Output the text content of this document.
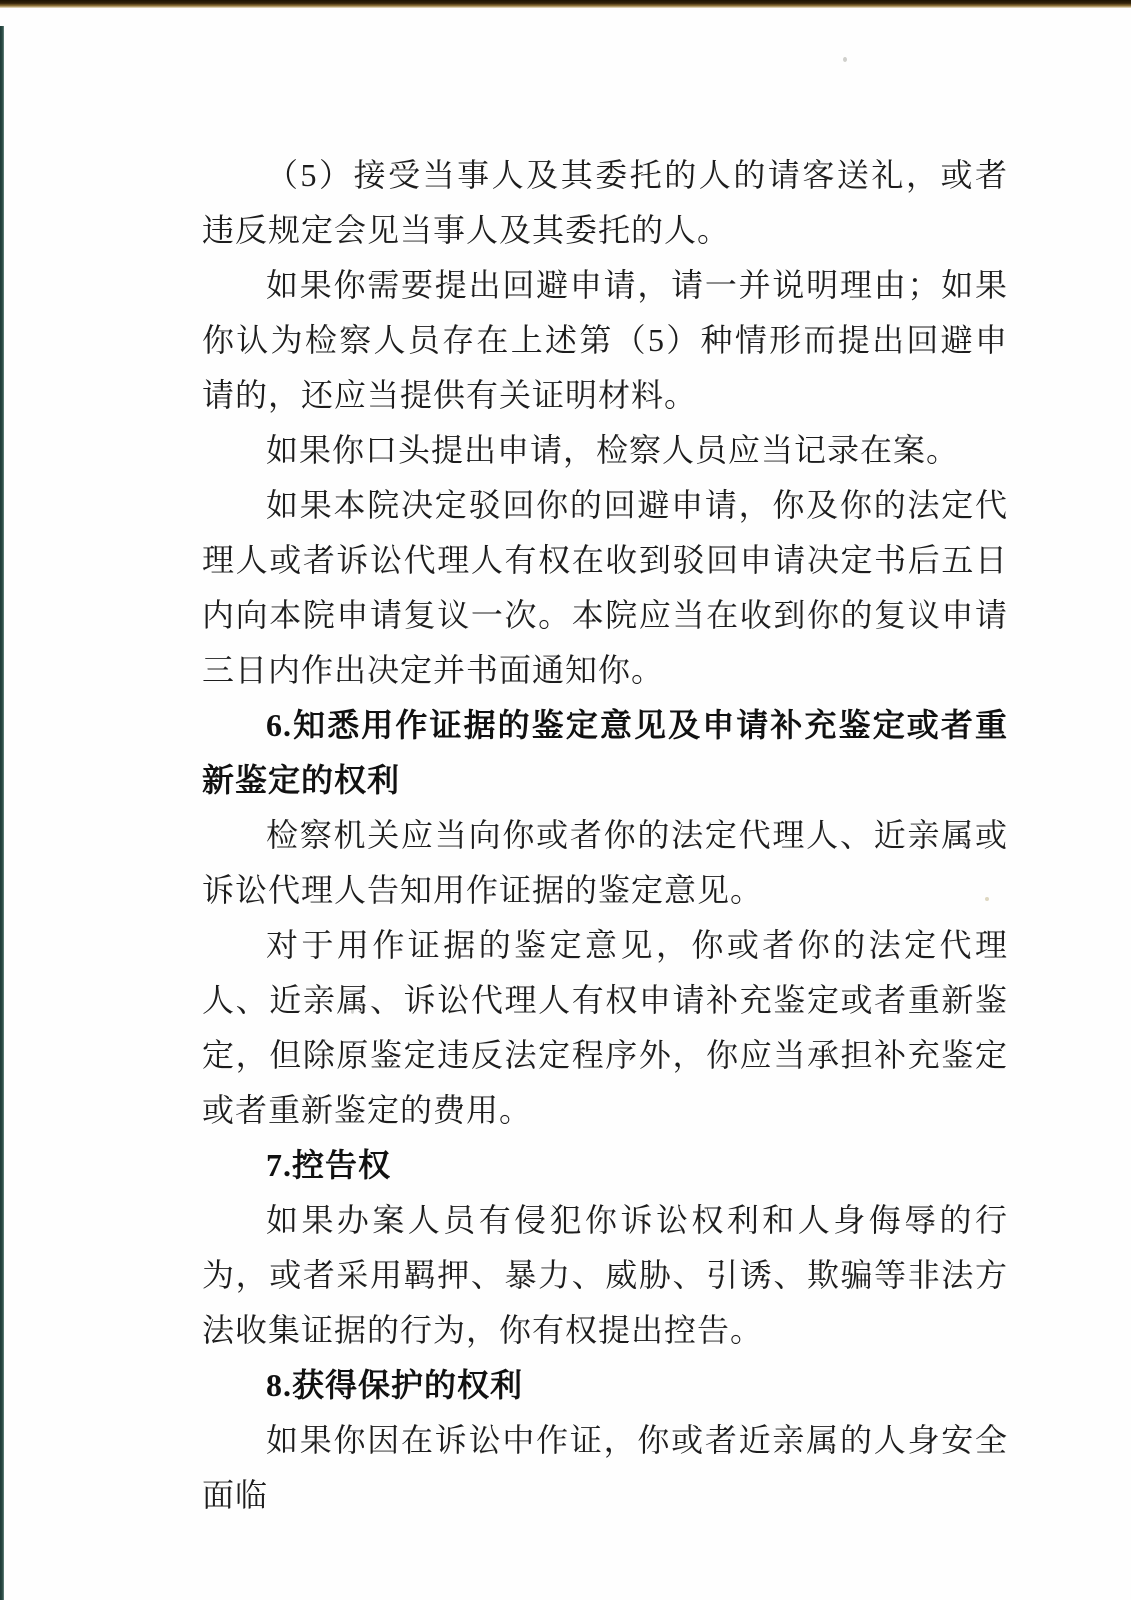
（5）接受当事人及其委托的人的请客送礼，或者违反规定会见当事人及其委托的人。

如果你需要提出回避申请，请一并说明理由；如果你认为检察人员存在上述第（5）种情形而提出回避申请的，还应当提供有关证明材料。

如果你口头提出申请，检察人员应当记录在案。

如果本院决定驳回你的回避申请，你及你的法定代理人或者诉讼代理人有权在收到驳回申请决定书后五日内向本院申请复议一次。本院应当在收到你的复议申请三日内作出决定并书面通知你。

6.知悉用作证据的鉴定意见及申请补充鉴定或者重新鉴定的权利

检察机关应当向你或者你的法定代理人、近亲属或诉讼代理人告知用作证据的鉴定意见。

对于用作证据的鉴定意见，你或者你的法定代理人、近亲属、诉讼代理人有权申请补充鉴定或者重新鉴定，但除原鉴定违反法定程序外，你应当承担补充鉴定或者重新鉴定的费用。

7.控告权

如果办案人员有侵犯你诉讼权利和人身侮辱的行为，或者采用羁押、暴力、威胁、引诱、欺骗等非法方法收集证据的行为，你有权提出控告。

8.获得保护的权利

如果你因在诉讼中作证，你或者近亲属的人身安全面临
